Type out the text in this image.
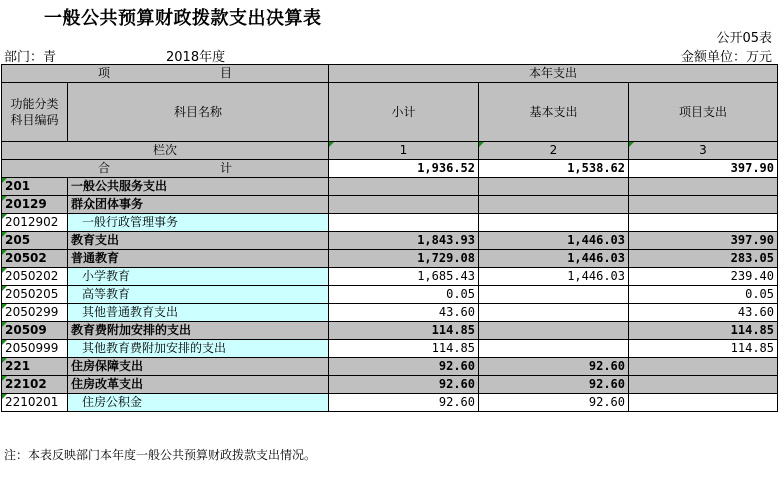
一般公共预算财政拨款支出决算表
公开05表
部门：青	2018年度	金额单位：万元
项 目		本年支出		

功能分类
科目编码	科目名称	小计	基本支出	项目支出
栏次		1	2	3
合 计		1,936.52	1,538.62	397.90
201	一般公共服务支出			
20129	群众团体事务			
2012902	一般行政管理事务			
205	教育支出	1,843.93	1,446.03	397.90
20502	普通教育	1,729.08	1,446.03	283.05
2050202	小学教育	1,685.43	1,446.03	239.40
2050205	高等教育	0.05		0.05
2050299	其他普通教育支出	43.60		43.60
20509	教育费附加安排的支出	114.85		114.85
2050999	其他教育费附加安排的支出	114.85		114.85
221	住房保障支出	92.60	92.60	
22102	住房改革支出	92.60	92.60	
2210201	住房公积金	92.60	92.60	
注：本表反映部门本年度一般公共预算财政拨款支出情况。
